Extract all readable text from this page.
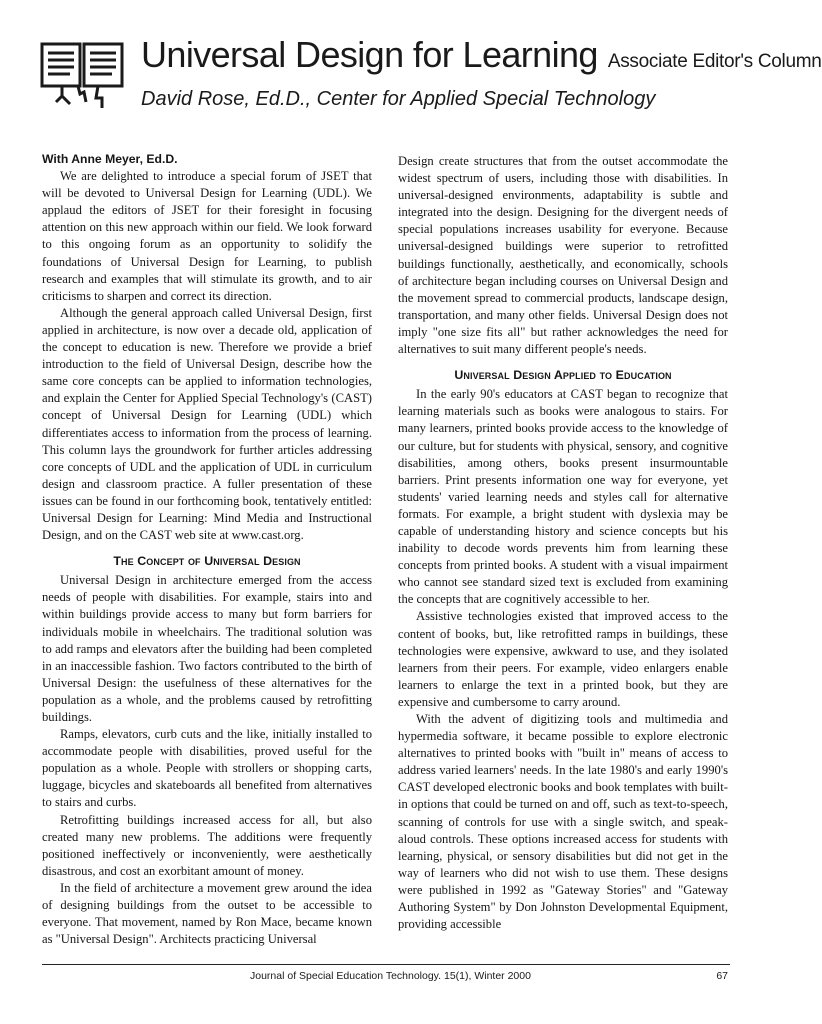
Universal Design for Learning Associate Editor's Column
David Rose, Ed.D., Center for Applied Special Technology

With Anne Meyer, Ed.D.

We are delighted to introduce a special forum of JSET that will be devoted to Universal Design for Learning (UDL). We applaud the editors of JSET for their foresight in focusing attention on this new approach within our field. We look forward to this ongoing forum as an opportunity to solidify the foundations of Universal Design for Learning, to publish research and examples that will stimulate its growth, and to air criticisms to sharpen and correct its direction.

Although the general approach called Universal Design, first applied in architecture, is now over a decade old, application of the concept to education is new. Therefore we provide a brief introduction to the field of Universal Design, describe how the same core concepts can be applied to information technologies, and explain the Center for Applied Special Technology's (CAST) concept of Universal Design for Learning (UDL) which differentiates access to information from the process of learning. This column lays the groundwork for further articles addressing core concepts of UDL and the application of UDL in curriculum design and classroom practice. A fuller presentation of these issues can be found in our forthcoming book, tentatively entitled: Universal Design for Learning: Mind Media and Instructional Design, and on the CAST web site at www.cast.org.

The Concept of Universal Design

Universal Design in architecture emerged from the access needs of people with disabilities. For example, stairs into and within buildings provide access to many but form barriers for individuals mobile in wheelchairs. The traditional solution was to add ramps and elevators after the building had been completed in an inaccessible fashion. Two factors contributed to the birth of Universal Design: the usefulness of these alternatives for the population as a whole, and the problems caused by retrofitting buildings.

Ramps, elevators, curb cuts and the like, initially installed to accommodate people with disabilities, proved useful for the population as a whole. People with strollers or shopping carts, luggage, bicycles and skateboards all benefited from alternatives to stairs and curbs.

Retrofitting buildings increased access for all, but also created many new problems. The additions were frequently positioned ineffectively or inconveniently, were aesthetically disastrous, and cost an exorbitant amount of money.

In the field of architecture a movement grew around the idea of designing buildings from the outset to be accessible to everyone. That movement, named by Ron Mace, became known as "Universal Design". Architects practicing Universal

Design create structures that from the outset accommodate the widest spectrum of users, including those with disabilities. In universal-designed environments, adaptability is subtle and integrated into the design. Designing for the divergent needs of special populations increases usability for everyone. Because universal-designed buildings were superior to retrofitted buildings functionally, aesthetically, and economically, schools of architecture began including courses on Universal Design and the movement spread to commercial products, landscape design, transportation, and many other fields. Universal Design does not imply "one size fits all" but rather acknowledges the need for alternatives to suit many different people's needs.

Universal Design Applied to Education

In the early 90's educators at CAST began to recognize that learning materials such as books were analogous to stairs. For many learners, printed books provide access to the knowledge of our culture, but for students with physical, sensory, and cognitive disabilities, among others, books present insurmountable barriers. Print presents information one way for everyone, yet students' varied learning needs and styles call for alternative formats. For example, a bright student with dyslexia may be capable of understanding history and science concepts but his inability to decode words prevents him from learning these concepts from printed books. A student with a visual impairment who cannot see standard sized text is excluded from examining the concepts that are cognitively accessible to her.

Assistive technologies existed that improved access to the content of books, but, like retrofitted ramps in buildings, these technologies were expensive, awkward to use, and they isolated learners from their peers. For example, video enlargers enable learners to enlarge the text in a printed book, but they are expensive and cumbersome to carry around.

With the advent of digitizing tools and multimedia and hypermedia software, it became possible to explore electronic alternatives to printed books with "built in" means of access to address varied learners' needs. In the late 1980's and early 1990's CAST developed electronic books and book templates with built-in options that could be turned on and off, such as text-to-speech, scanning of controls for use with a single switch, and speak-aloud controls. These options increased access for students with learning, physical, or sensory disabilities but did not get in the way of learners who did not wish to use them. These designs were published in 1992 as "Gateway Stories" and "Gateway Authoring System" by Don Johnston Developmental Equipment, providing accessible

Journal of Special Education Technology. 15(1), Winter 2000	67
